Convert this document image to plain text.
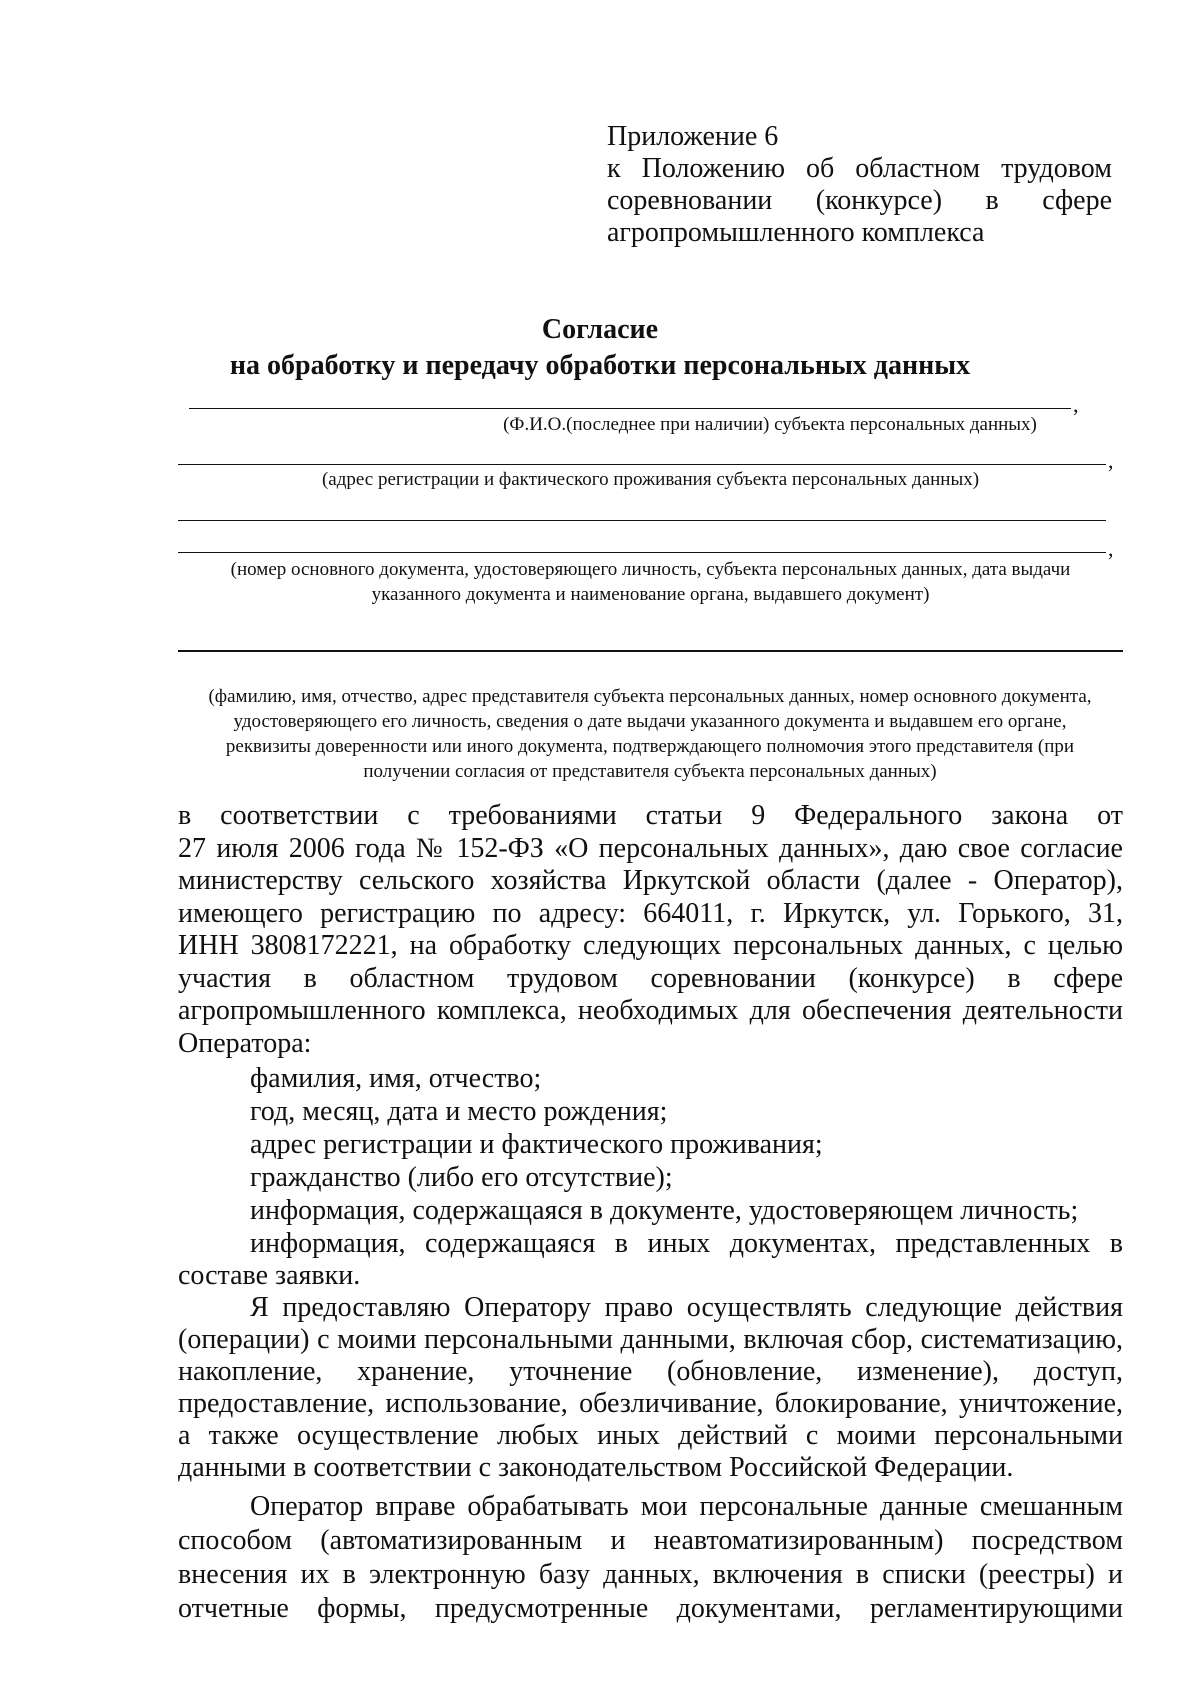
Приложение 6
к Положению об областном трудовом
соревновании (конкурсе) в сфере
агропромышленного комплекса
Согласие
на обработку и передачу обработки персональных данных
,
(Ф.И.О.(последнее при наличии) субъекта персональных данных)
,
(адрес регистрации и фактического проживания субъекта персональных данных)
,
(номер основного документа, удостоверяющего личность, субъекта персональных данных, дата выдачи
указанного документа и наименование органа, выдавшего документ)
(фамилию, имя, отчество, адрес представителя субъекта персональных данных, номер основного документа,
удостоверяющего его личность, сведения о дате выдачи указанного документа и выдавшем его органе,
реквизиты доверенности или иного документа, подтверждающего полномочия этого представителя (при
получении согласия от представителя субъекта персональных данных)
в соответствии с требованиями статьи 9 Федерального закона от
27 июля 2006 года № 152-ФЗ «О персональных данных», даю свое согласие
министерству сельского хозяйства Иркутской области (далее - Оператор),
имеющего регистрацию по адресу: 664011, г. Иркутск, ул. Горького, 31,
ИНН 3808172221, на обработку следующих персональных данных, с целью
участия в областном трудовом соревновании (конкурсе) в сфере
агропромышленного комплекса, необходимых для обеспечения деятельности
Оператора:
фамилия, имя, отчество;
год, месяц, дата и место рождения;
адрес регистрации и фактического проживания;
гражданство (либо его отсутствие);
информация, содержащаяся в документе, удостоверяющем личность;
информация, содержащаяся в иных документах, представленных в
составе заявки.
Я предоставляю Оператору право осуществлять следующие действия
(операции) с моими персональными данными, включая сбор, систематизацию,
накопление, хранение, уточнение (обновление, изменение), доступ,
предоставление, использование, обезличивание, блокирование, уничтожение,
а также осуществление любых иных действий с моими персональными
данными в соответствии с законодательством Российской Федерации.
Оператор вправе обрабатывать мои персональные данные смешанным
способом (автоматизированным и неавтоматизированным) посредством
внесения их в электронную базу данных, включения в списки (реестры) и
отчетные формы, предусмотренные документами, регламентирующими
